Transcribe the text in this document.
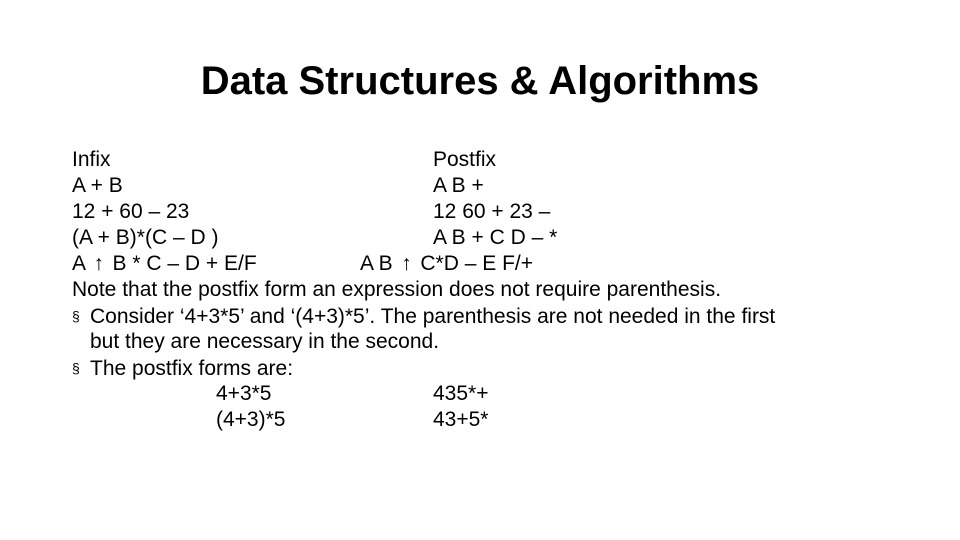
Data Structures & Algorithms
Infix	Postfix
A + B	A B +
12 + 60 – 23	12 60 + 23 –
(A + B)*(C – D )	A B + C D – *
A ↑ B * C – D + E/F	A B ↑ C*D – E F/+
Note that the postfix form an expression does not require parenthesis.
§ Consider ‘4+3*5’ and ‘(4+3)*5’. The parenthesis are not needed in the first
but they are necessary in the second.
§ The postfix forms are:
4+3*5	435*+
(4+3)*5	43+5*
